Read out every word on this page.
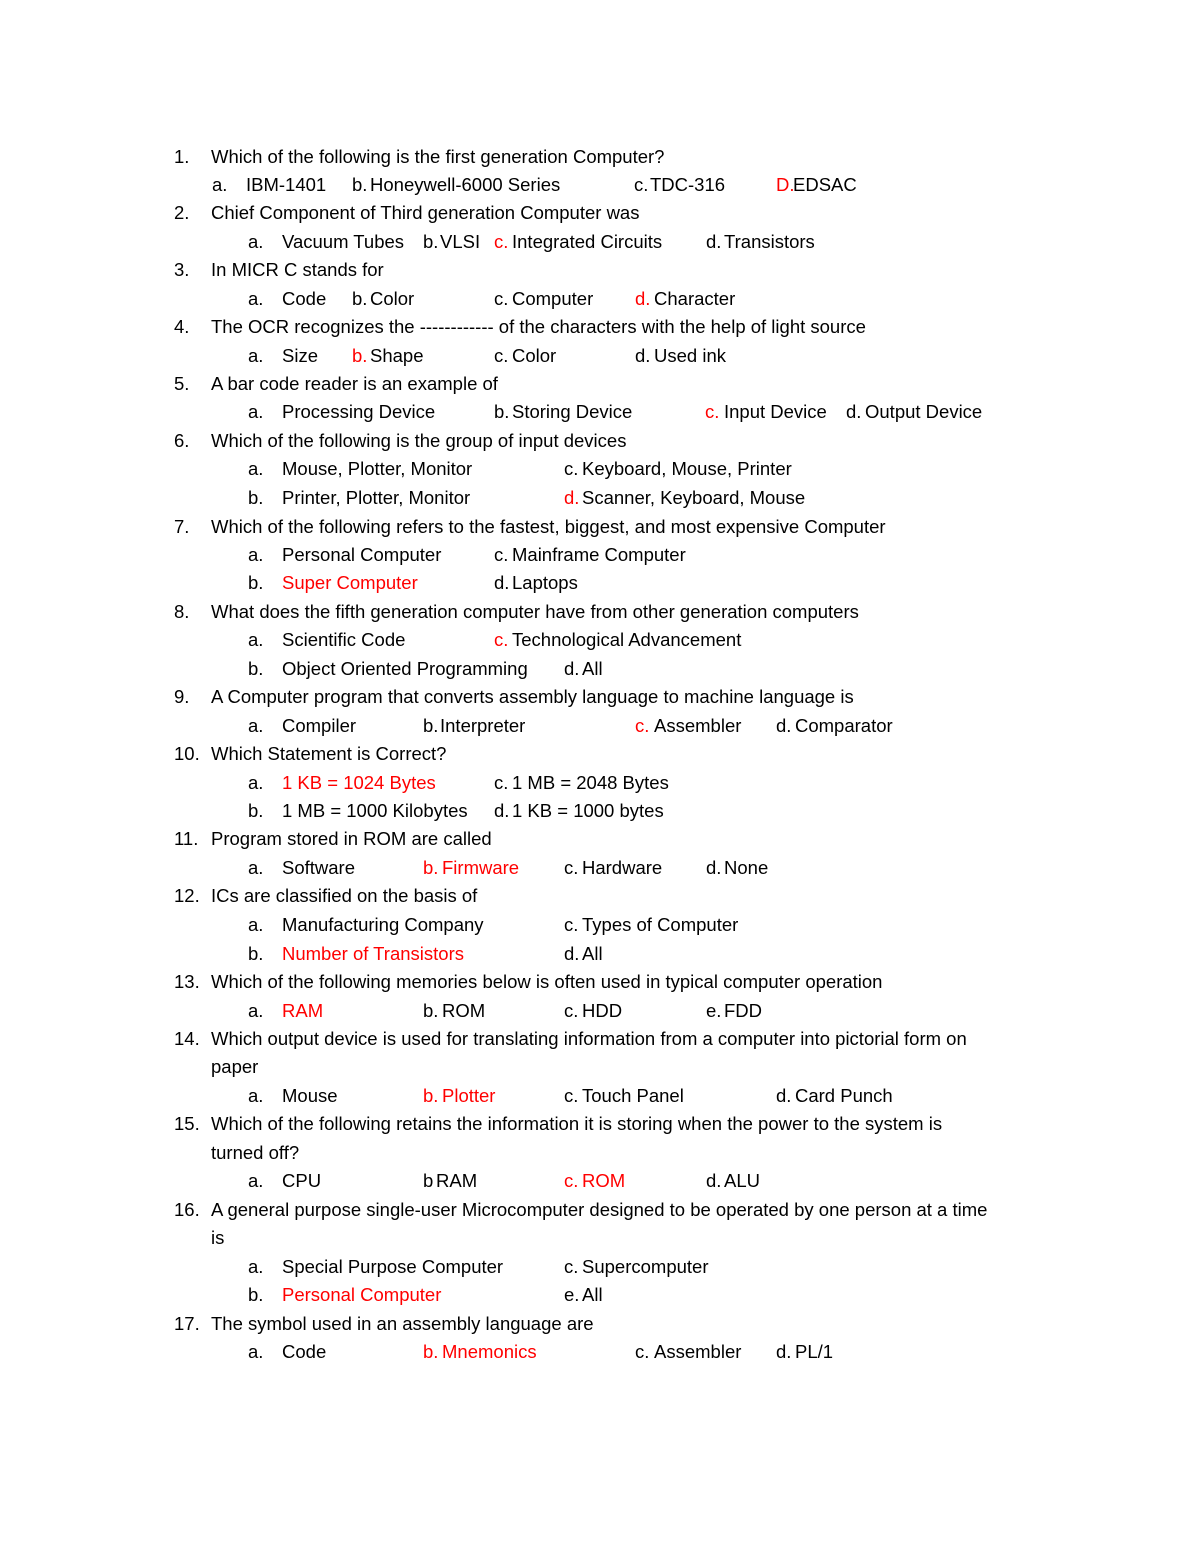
1. Which of the following is the first generation Computer?
a. IBM-1401 b. Honeywell-6000 Series	c. TDC-316	D.
EDSAC
2. Chief Component of Third generation Computer was
a. Vacuum Tubes b. VLSI c. Integrated Circuits d. Transistors
3. In MICR C stands for
a. Code b. Color	c. Computer d. Character
4. The OCR recognizes the ------------ of the characters with the help of light source
a. Size b. Shape	c. Color	d. Used ink
5. A bar code reader is an example of
a. Processing Device	b. Storing Device	c. Input Device d. Output Device
6. Which of the following is the group of input devices
a. Mouse, Plotter, Monitor	c. Keyboard, Mouse, Printer
b. Printer, Plotter, Monitor	d. Scanner, Keyboard, Mouse
7. Which of the following refers to the fastest, biggest, and most expensive Computer
a. Personal Computer	c. Mainframe Computer
b. Super Computer	d. Laptops
8. What does the fifth generation computer have from other generation computers
a. Scientific Code	c. Technological Advancement
b. Object Oriented Programming d. All
9. A Computer program that converts assembly language to machine language is
a. Compiler	b. Interpreter	c. Assembler d. Comparator
10. Which Statement is Correct?
a. 1 KB = 1024 Bytes	c. 1 MB = 2048 Bytes
b. 1 MB = 1000 Kilobytes d. 1 KB = 1000 bytes
11. Program stored in ROM are called
a. Software	b. Firmware c. Hardware d. None
12. ICs are classified on the basis of
a. Manufacturing Company	c. Types of Computer
b. Number of Transistors	d. All
13. Which of the following memories below is often used in typical computer operation
a. RAM	b. ROM	c. HDD	e. FDD
14. Which output device is used for translating information from a computer into pictorial form on
paper
a. Mouse	b. Plotter	c. Touch Panel	d. Card Punch
15. Which of the following retains the information it is storing when the power to the system is
turned off?
a. CPU	b RAM	c. ROM	d. ALU
16. A general purpose single-user Microcomputer designed to be operated by one person at a time
is
a. Special Purpose Computer	c. Supercomputer
b. Personal Computer	e. All
17. The symbol used in an assembly language are
a. Code	b. Mnemonics	c. Assembler d. PL/1
